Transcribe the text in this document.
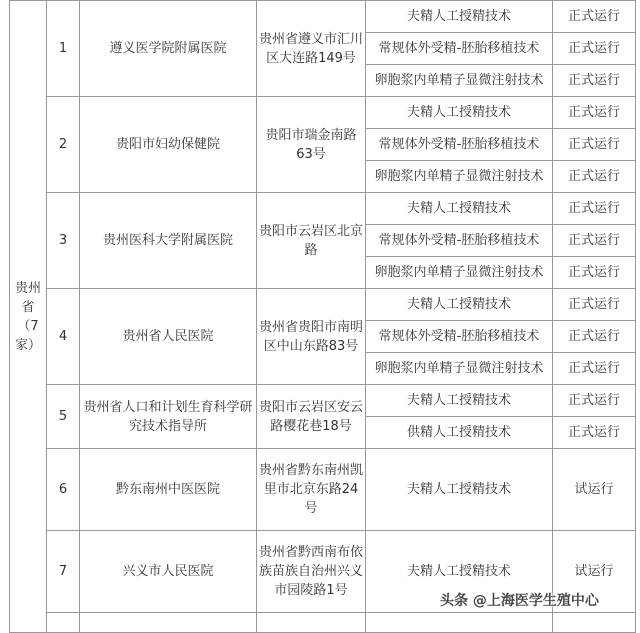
贵州省（7家）	1	遵义医学院附属医院	贵州省遵义市汇川区大连路149号	夫精人工授精技术	正式运行	
				常规体外受精-胚胎移植技术	正式运行	
				卵胞浆内单精子显微注射技术	正式运行	
	2	贵阳市妇幼保健院	贵阳市瑞金南路63号	夫精人工授精技术	正式运行	
				常规体外受精-胚胎移植技术	正式运行	
				卵胞浆内单精子显微注射技术	正式运行	
	3	贵州医科大学附属医院	贵阳市云岩区北京路	夫精人工授精技术	正式运行	
				常规体外受精-胚胎移植技术	正式运行	
				卵胞浆内单精子显微注射技术	正式运行	
	4	贵州省人民医院	贵州省贵阳市南明区中山东路83号	夫精人工授精技术	正式运行	
				常规体外受精-胚胎移植技术	正式运行	
				卵胞浆内单精子显微注射技术	正式运行	
	5	贵州省人口和计划生育科学研究技术指导所	贵阳市云岩区安云路樱花巷18号	夫精人工授精技术	正式运行	
				供精人工授精技术	正式运行	
	6	黔东南州中医医院	贵州省黔东南州凯里市北京东路24号	夫精人工授精技术	试运行	
	7	兴义市人民医院	贵州省黔西南布依族苗族自治州兴义市园陵路1号	夫精人工授精技术	试运行	

头条 @上海医学生殖中心
